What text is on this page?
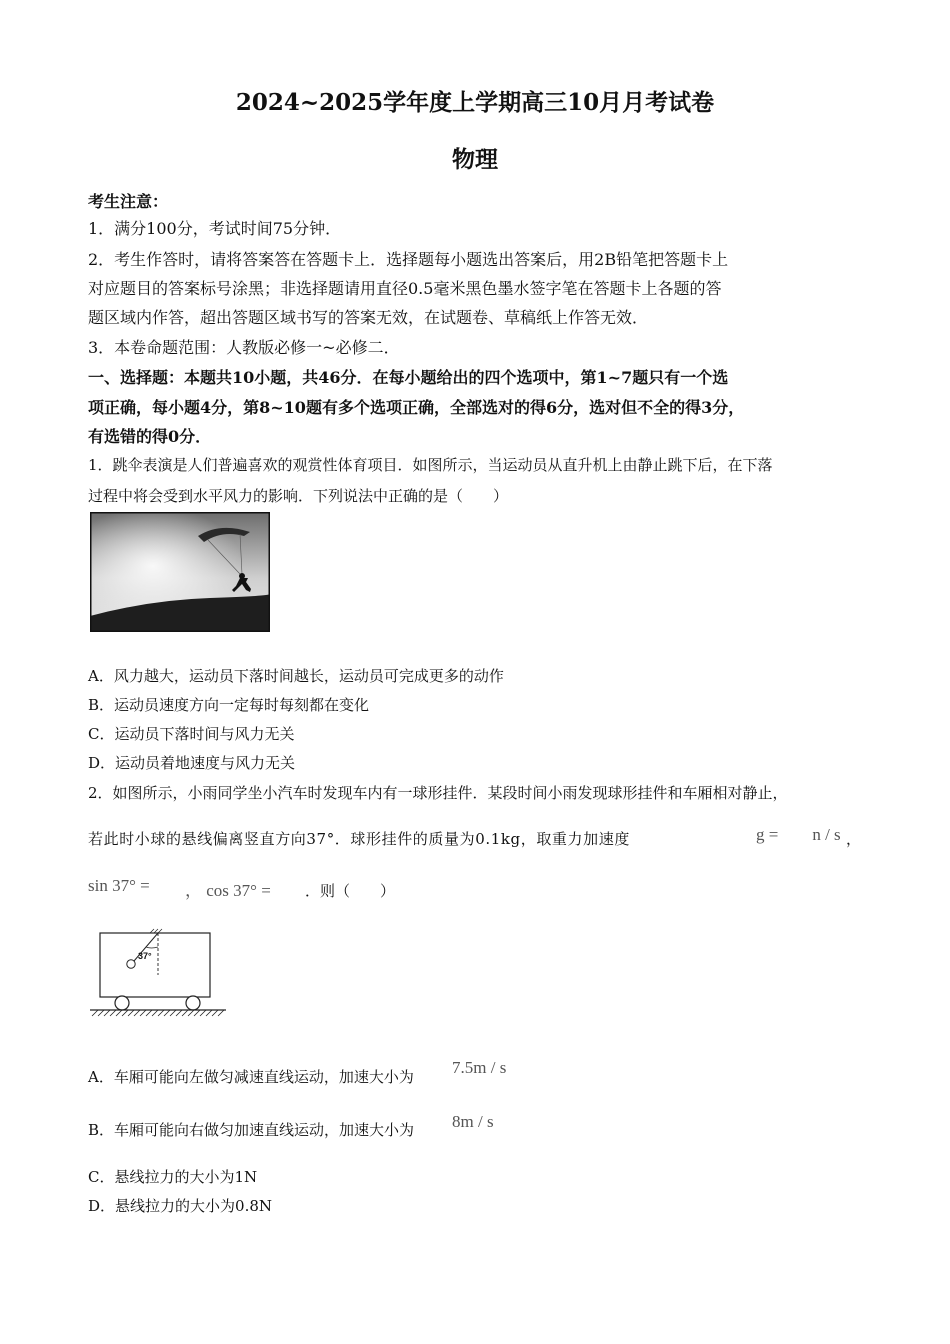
2024~2025学年度上学期高三10月月考试卷
物理
考生注意：
1．满分100分，考试时间75分钟．
2．考生作答时，请将答案答在答题卡上．选择题每小题选出答案后，用2B铅笔把答题卡上
对应题目的答案标号涂黑；非选择题请用直径0.5毫米黑色墨水签字笔在答题卡上各题的答
题区域内作答，超出答题区域书写的答案无效，在试题卷、草稿纸上作答无效．
3．本卷命题范围：人教版必修一~必修二．
一、选择题：本题共10小题，共46分．在每小题给出的四个选项中，第1~7题只有一个选
项正确，每小题4分，第8~10题有多个选项正确，全部选对的得6分，选对但不全的得3分，
有选错的得0分．
1．跳伞表演是人们普遍喜欢的观赏性体育项目．如图所示，当运动员从直升机上由静止跳下后，在下落
过程中将会受到水平风力的影响．下列说法中正确的是（　　）
A．风力越大，运动员下落时间越长，运动员可完成更多的动作
B．运动员速度方向一定每时每刻都在变化
C．运动员下落时间与风力无关
D．运动员着地速度与风力无关
2．如图所示，小雨同学坐小汽车时发现车内有一球形挂件．某段时间小雨发现球形挂件和车厢相对静止，
若此时小球的悬线偏离竖直方向37°．球形挂件的质量为0.1kg，取重力加速度	g =　　n / s ，
sin 37° = ， cos 37° = ．则（　　）
37°
A．车厢可能向左做匀减速直线运动，加速大小为 7.5m / s
B．车厢可能向右做匀加速直线运动，加速大小为 8m / s
C．悬线拉力的大小为1N
D．悬线拉力的大小为0.8N
